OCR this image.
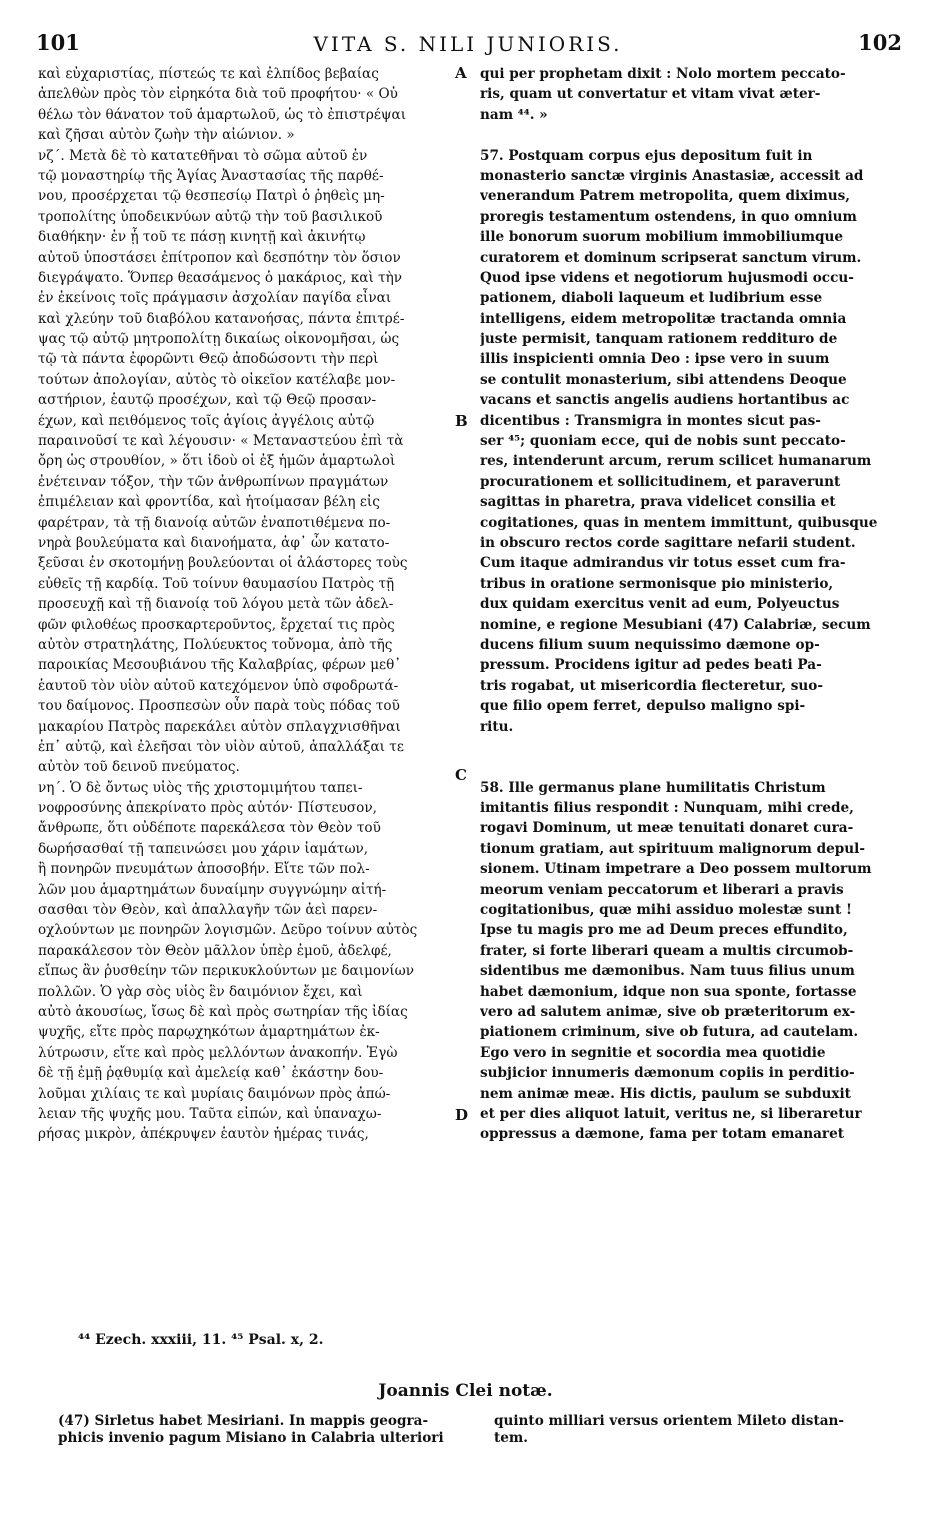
101	VITA S. NILI JUNIORIS.	102
καὶ εὐχαριστίας, πίστεώς τε καὶ ἐλπίδος βεβαίας
ἀπελθὼν πρὸς τὸν εἰρηκότα διὰ τοῦ προφήτου· « Οὐ
θέλω τὸν θάνατον τοῦ ἁμαρτωλοῦ, ὡς τὸ ἐπιστρέψαι
καὶ ζῆσαι αὐτὸν ζωὴν τὴν αἰώνιον. »
νζ΄. Μετὰ δὲ τὸ κατατεθῆναι τὸ σῶμα αὐτοῦ ἐν
τῷ μοναστηρίῳ τῆς Ἁγίας Ἀναστασίας τῆς παρθέ-
νου, προσέρχεται τῷ θεσπεσίῳ Πατρὶ ὁ ῥηθεὶς μη-
τροπολίτης ὑποδεικνύων αὐτῷ τὴν τοῦ βασιλικοῦ
διαθήκην· ἐν ᾗ τοῦ τε πάσῃ κινητῇ καὶ ἀκινήτῳ
αὐτοῦ ὑποστάσει ἐπίτροπον καὶ δεσπότην τὸν ὅσιον
διεγράψατο. Ὅνπερ θεασάμενος ὁ μακάριος, καὶ τὴν
ἐν ἐκείνοις τοῖς πράγμασιν ἀσχολίαν παγίδα εἶναι
καὶ χλεύην τοῦ διαβόλου κατανοήσας, πάντα ἐπιτρέ-
ψας τῷ αὐτῷ μητροπολίτῃ δικαίως οἰκονομῆσαι, ὡς
τῷ τὰ πάντα ἐφορῶντι Θεῷ ἀποδώσοντι τὴν περὶ
τούτων ἀπολογίαν, αὐτὸς τὸ οἰκεῖον κατέλαβε μον-
αστήριον, ἑαυτῷ προσέχων, καὶ τῷ Θεῷ προσαν-
έχων, καὶ πειθόμενος τοῖς ἁγίοις ἀγγέλοις αὐτῷ
παραινοῦσί τε καὶ λέγουσιν· « Μεταναστεύου ἐπὶ τὰ
ὄρη ὡς στρουθίον, » ὅτι ἰδοὺ οἱ ἐξ ἡμῶν ἁμαρτωλοὶ
ἐνέτειναν τόξον, τὴν τῶν ἀνθρωπίνων πραγμάτων
ἐπιμέλειαν καὶ φροντίδα, καὶ ἡτοίμασαν βέλη εἰς
φαρέτραν, τὰ τῇ διανοίᾳ αὐτῶν ἐναποτιθέμενα πο-
νηρὰ βουλεύματα καὶ διανοήματα, ἀφ᾽ ὧν κατατο-
ξεῦσαι ἐν σκοτομήνῃ βουλεύονται οἱ ἀλάστορες τοὺς
εὐθεῖς τῇ καρδίᾳ. Τοῦ τοίνυν θαυμασίου Πατρὸς τῇ
προσευχῇ καὶ τῇ διανοίᾳ τοῦ λόγου μετὰ τῶν ἀδελ-
φῶν φιλοθέως προσκαρτεροῦντος, ἔρχεταί τις πρὸς
αὐτὸν στρατηλάτης, Πολύευκτος τοὔνομα, ἀπὸ τῆς
παροικίας Μεσουβιάνου τῆς Καλαβρίας, φέρων μεθ᾽
ἑαυτοῦ τὸν υἱὸν αὐτοῦ κατεχόμενον ὑπὸ σφοδρωτά-
του δαίμονος. Προσπεσὼν οὖν παρὰ τοὺς πόδας τοῦ
μακαρίου Πατρὸς παρεκάλει αὐτὸν σπλαγχνισθῆναι
ἐπ᾽ αὐτῷ, καὶ ἐλεῆσαι τὸν υἱὸν αὐτοῦ, ἀπαλλάξαι τε
αὐτὸν τοῦ δεινοῦ πνεύματος.
νη΄. Ὁ δὲ ὄντως υἱὸς τῆς χριστομιμήτου ταπει-
νοφροσύνης ἀπεκρίνατο πρὸς αὐτόν· Πίστευσον,
ἄνθρωπε, ὅτι οὐδέποτε παρεκάλεσα τὸν Θεὸν τοῦ
δωρήσασθαί τῇ ταπεινώσει μου χάριν ἰαμάτων,
ἢ πονηρῶν πνευμάτων ἀποσοβήν. Εἴτε τῶν πολ-
λῶν μου ἁμαρτημάτων δυναίμην συγγνώμην αἰτή-
σασθαι τὸν Θεὸν, καὶ ἀπαλλαγῆν τῶν ἀεὶ παρεν-
οχλούντων με πονηρῶν λογισμῶν. Δεῦρο τοίνυν αὐτὸς
παρακάλεσον τὸν Θεὸν μᾶλλον ὑπὲρ ἐμοῦ, ἀδελφέ,
εἴπως ἂν ῥυσθείην τῶν περικυκλούντων με δαιμονίων
πολλῶν. Ὁ γὰρ σὸς υἱὸς ἓν δαιμόνιον ἔχει, καὶ
αὐτὸ ἀκουσίως, ἴσως δὲ καὶ πρὸς σωτηρίαν τῆς ἰδίας
ψυχῆς, εἴτε πρὸς παρῳχηκότων ἁμαρτημάτων ἐκ-
λύτρωσιν, εἴτε καὶ πρὸς μελλόντων ἀνακοπήν. Ἐγὼ
δὲ τῇ ἐμῇ ῥᾳθυμίᾳ καὶ ἀμελείᾳ καθ᾽ ἑκάστην δου-
λοῦμαι χιλίαις τε καὶ μυρίαις δαιμόνων πρὸς ἀπώ-
λειαν τῆς ψυχῆς μου. Ταῦτα εἰπών, καὶ ὑπαναχω-
ρήσας μικρὸν, ἀπέκρυψεν ἑαυτὸν ἡμέρας τινάς,
qui per prophetam dixit : Nolo mortem peccato-
ris, quam ut convertatur et vitam vivat æter-
nam ⁴⁴. »
57. Postquam corpus ejus depositum fuit in
monasterio sanctæ virginis Anastasiæ, accessit ad
venerandum Patrem metropolita, quem diximus,
proregis testamentum ostendens, in quo omnium
ille bonorum suorum mobilium immobiliumque
curatorem et dominum scripserat sanctum virum.
Quod ipse videns et negotiorum hujusmodi occu-
pationem, diaboli laqueum et ludibrium esse
intelligens, eidem metropolitæ tractanda omnia
juste permisit, tanquam rationem redditurо de
illis inspicienti omnia Deo : ipse vero in suum
se contulit monasterium, sibi attendens Deoque
vacans et sanctis angelis audiens hortantibus ac
dicentibus : Transmigra in montes sicut pas-
ser ⁴⁵; quoniam ecce, qui de nobis sunt peccato-
res, intenderunt arcum, rerum scilicet humanarum
procurationem et sollicitudinem, et paraverunt
sagittas in pharetra, prava videlicet consilia et
cogitationes, quas in mentem immittunt, quibusque
in obscuro rectos corde sagittare nefarii student.
Cum itaque admirandus vir totus esset cum fra-
tribus in oratione sermonisque pio ministerio,
dux quidam exercitus venit ad eum, Polyeuctus
nomine, e regione Mesubiani (47) Calabriæ, secum
ducens filium suum nequissimo dæmone op-
pressum. Procidens igitur ad pedes beati Pa-
tris rogabat, ut misericordia flecteretur, suo-
que filio opem ferret, depulso maligno spi-
ritu.
58. Ille germanus plane humilitatis Christum
imitantis filius respondit : Nunquam, mihi crede,
rogavi Dominum, ut meæ tenuitati donaret cura-
tionum gratiam, aut spirituum malignorum depul-
sionem. Utinam impetrare a Deo possem multorum
meorum veniam peccatorum et liberari a pravis
cogitationibus, quæ mihi assiduo molestæ sunt !
Ipse tu magis pro me ad Deum preces effundito,
frater, si forte liberari queam a multis circumob-
sidentibus me dæmonibus. Nam tuus filius unum
habet dæmonium, idque non sua sponte, fortasse
vero ad salutem animæ, sive ob præteritorum ex-
piationem criminum, sive ob futura, ad cautelam.
Ego vero in segnitie et socordia mea quotidie
subjicior innumeris dæmonum copiis in perditio-
nem animæ meæ. His dictis, paulum se subduxit
et per dies aliquot latuit, veritus ne, si liberaretur
oppressus a dæmone, fama per totam emanaret
A
B
C
D
⁴⁴ Ezech. xxxiii, 11. ⁴⁵ Psal. x, 2.
Joannis Clei notæ.
(47) Sirletus habet Mesiriani. In mappis geogra-
phicis invenio pagum Misiano in Calabria ulteriori
quinto milliari versus orientem Mileto distan-
tem.
